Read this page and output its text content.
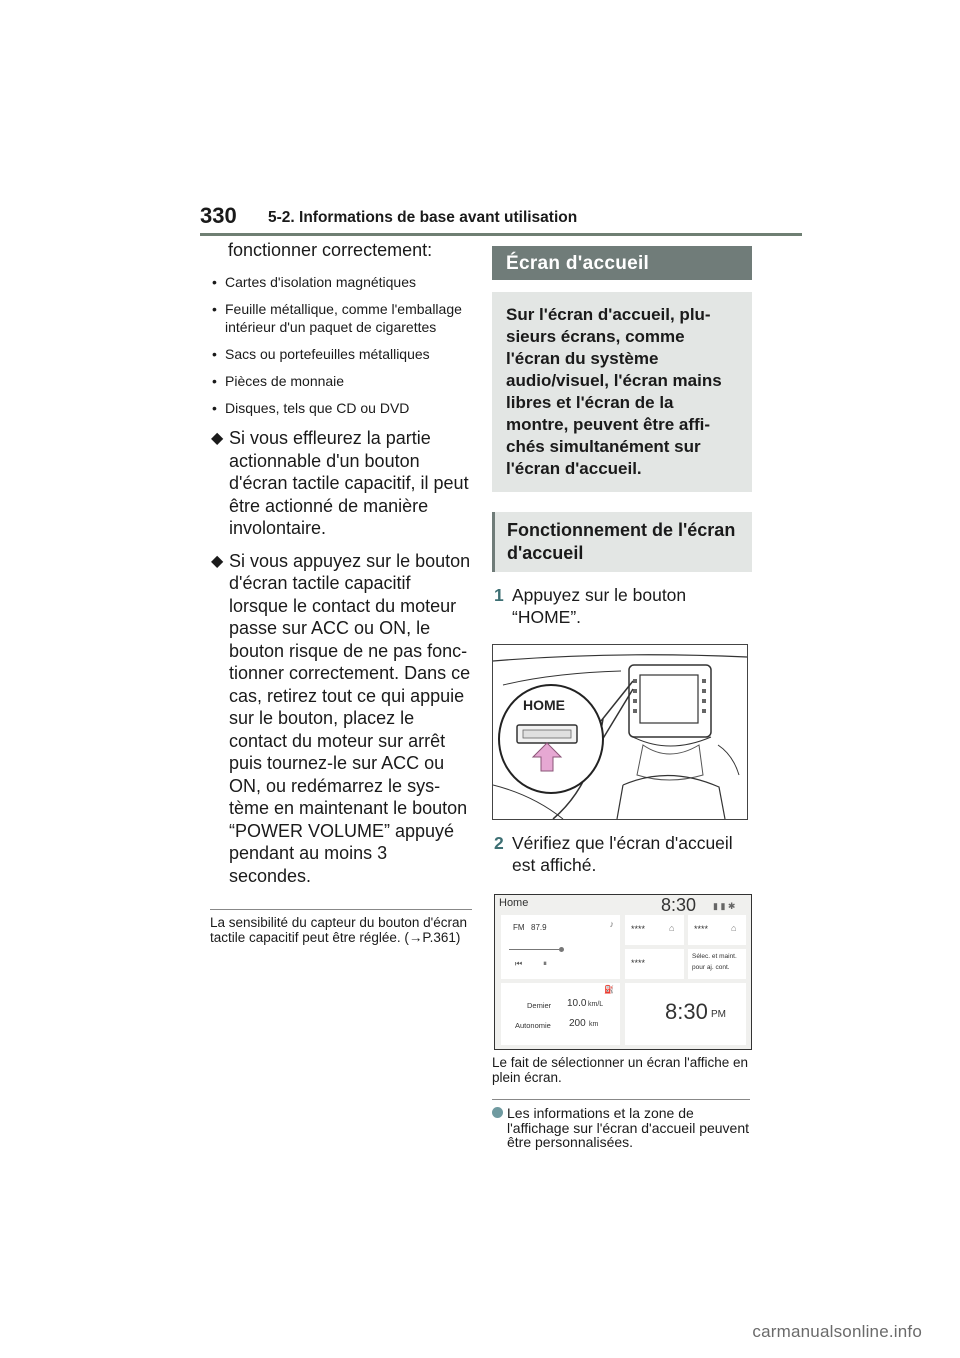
330 5-2. Informations de base avant utilisation
fonctionner correctement:
• Cartes d'isolation magnétiques
• Feuille métallique, comme l'emballage intérieur d'un paquet de cigarettes
• Sacs ou portefeuilles métalliques
• Pièces de monnaie
• Disques, tels que CD ou DVD
◆ Si vous effleurez la partie actionnable d'un bouton d'écran tactile capacitif, il peut être actionné de manière involontaire.
◆ Si vous appuyez sur le bouton d'écran tactile capacitif lorsque le contact du moteur passe sur ACC ou ON, le bouton risque de ne pas fonc- tionner correctement. Dans ce cas, retirez tout ce qui appuie sur le bouton, placez le contact du moteur sur arrêt puis tournez-le sur ACC ou ON, ou redémarrez le sys- tème en maintenant le bouton “POWER VOLUME” appuyé pendant au moins 3 secondes.
La sensibilité du capteur du bouton d'écran tactile capacitif peut être réglée. (→P.361)
Écran d'accueil
Sur l'écran d'accueil, plu- sieurs écrans, comme l'écran du système audio/visuel, l'écran mains libres et l'écran de la montre, peuvent être affi- chés simultanément sur l'écran d'accueil.
Fonctionnement de l'écran d'accueil
1 Appuyez sur le bouton “HOME”.
HOME
2 Vérifiez que l'écran d'accueil est affiché.
Home	8:30 ▮ ▮ ✱
FM 87.9	♪
⏮	⏸
****	⌂ ****	⌂
****
Sélec. et maint.
pour aj. cont.
⛽
Demier 10.0 km/L
Autonomie 200 km
8:30 PM
Le fait de sélectionner un écran l'affiche en plein écran.
Les informations et la zone de l'affichage sur l'écran d'accueil peuvent être personnalisées.
carmanualsonline.info
